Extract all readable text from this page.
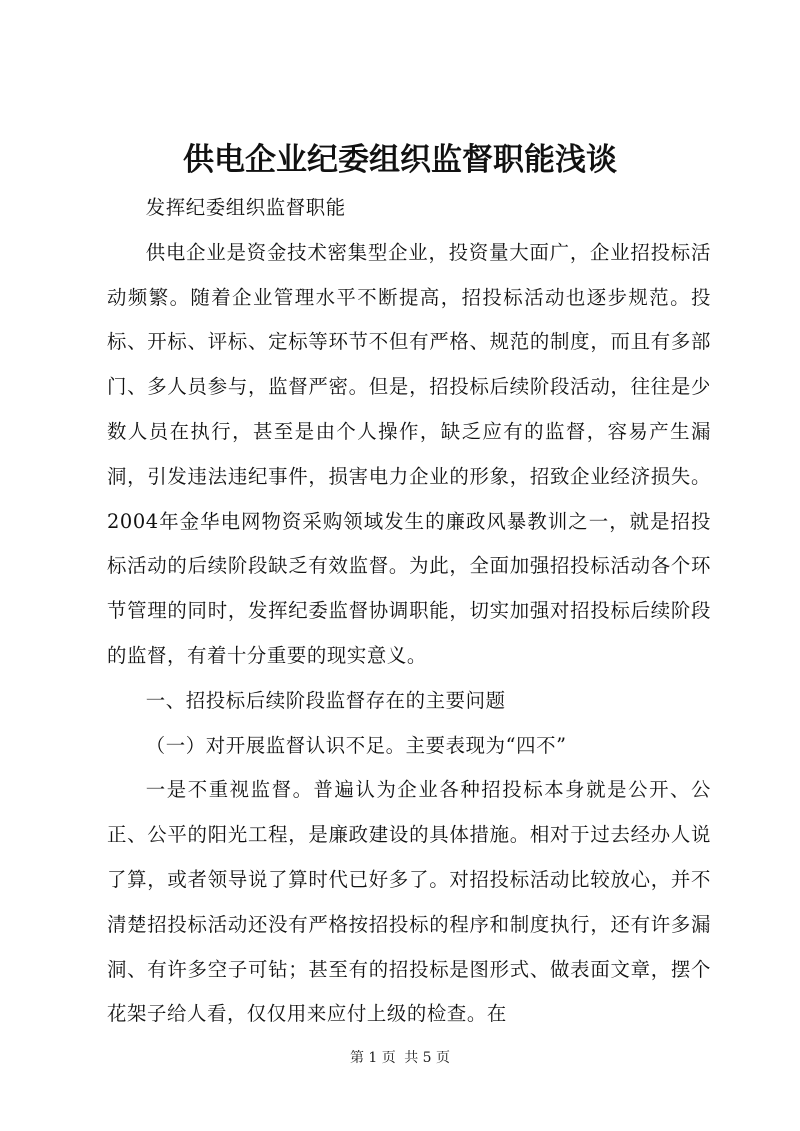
供电企业纪委组织监督职能浅谈

发挥纪委组织监督职能

供电企业是资金技术密集型企业，投资量大面广，企业招投标活动频繁。随着企业管理水平不断提高，招投标活动也逐步规范。投标、开标、评标、定标等环节不但有严格、规范的制度，而且有多部门、多人员参与，监督严密。但是，招投标后续阶段活动，往往是少数人员在执行，甚至是由个人操作，缺乏应有的监督，容易产生漏洞，引发违法违纪事件，损害电力企业的形象，招致企业经济损失。2004年金华电网物资采购领域发生的廉政风暴教训之一，就是招投标活动的后续阶段缺乏有效监督。为此，全面加强招投标活动各个环节管理的同时，发挥纪委监督协调职能，切实加强对招投标后续阶段的监督，有着十分重要的现实意义。

一、招投标后续阶段监督存在的主要问题

（一）对开展监督认识不足。主要表现为“四不”

一是不重视监督。普遍认为企业各种招投标本身就是公开、公正、公平的阳光工程，是廉政建设的具体措施。相对于过去经办人说了算，或者领导说了算时代已好多了。对招投标活动比较放心，并不清楚招投标活动还没有严格按招投标的程序和制度执行，还有许多漏洞、有许多空子可钻；甚至有的招投标是图形式、做表面文章，摆个花架子给人看，仅仅用来应付上级的检查。在

第 1 页 共 5 页
